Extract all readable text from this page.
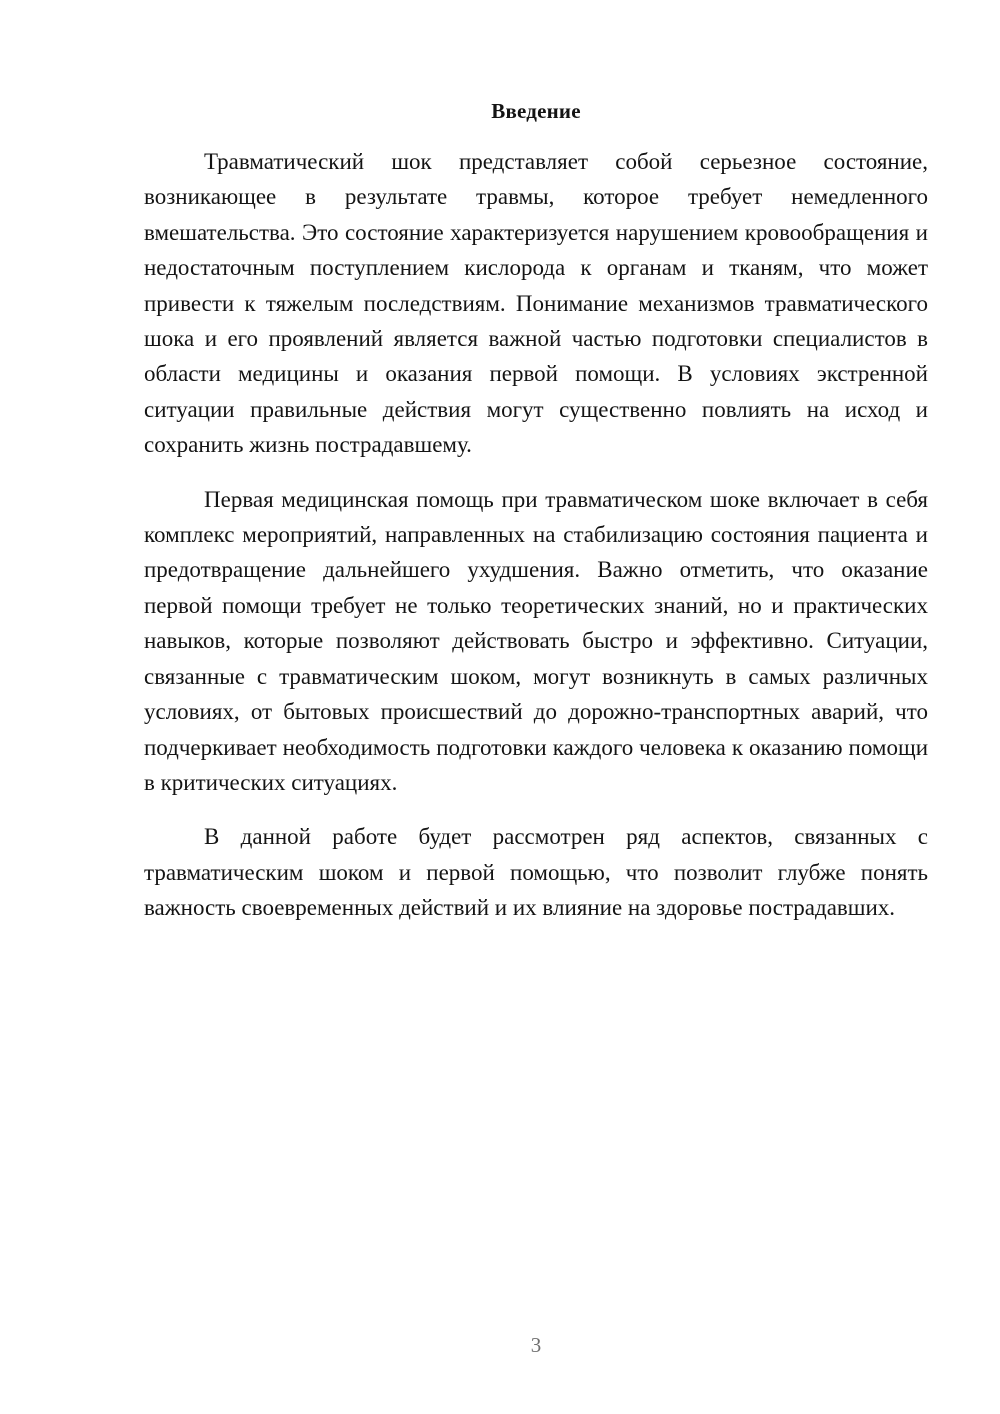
Введение

Травматический шок представляет собой серьезное состояние, возникающее в результате травмы, которое требует немедленного вмешательства. Это состояние характеризуется нарушением кровообращения и недостаточным поступлением кислорода к органам и тканям, что может привести к тяжелым последствиям. Понимание механизмов травматического шока и его проявлений является важной частью подготовки специалистов в области медицины и оказания первой помощи. В условиях экстренной ситуации правильные действия могут существенно повлиять на исход и сохранить жизнь пострадавшему.

Первая медицинская помощь при травматическом шоке включает в себя комплекс мероприятий, направленных на стабилизацию состояния пациента и предотвращение дальнейшего ухудшения. Важно отметить, что оказание первой помощи требует не только теоретических знаний, но и практических навыков, которые позволяют действовать быстро и эффективно. Ситуации, связанные с травматическим шоком, могут возникнуть в самых различных условиях, от бытовых происшествий до дорожно-транспортных аварий, что подчеркивает необходимость подготовки каждого человека к оказанию помощи в критических ситуациях.

В данной работе будет рассмотрен ряд аспектов, связанных с травматическим шоком и первой помощью, что позволит глубже понять важность своевременных действий и их влияние на здоровье пострадавших.

3
